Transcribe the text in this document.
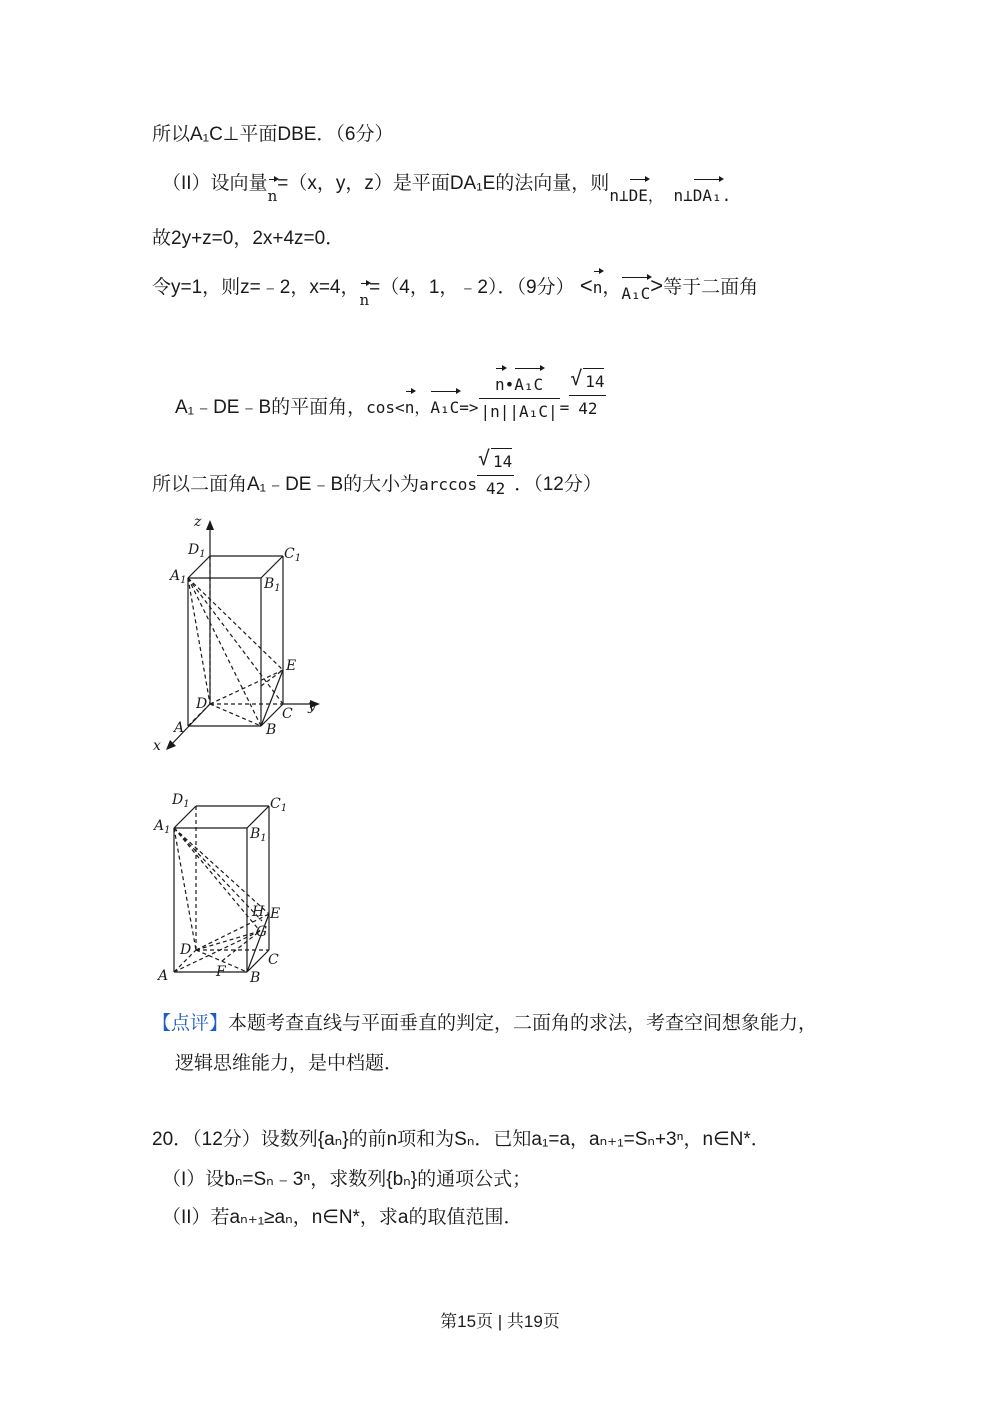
所以A₁C⊥平面DBE．（6分）
（II）设向量n=（x，y，z）是平面DA₁E的法向量，则$_{n\perp DE, n\perp DA_1.}$
故2y+z=0，2x+4z=0．
令y=1，则z=﹣2，x=4，n=（4，1，﹣2）．（9分） <n，A₁C>等于二面角
A₁﹣DE﹣B的平面角，$_{cos<n,A_1C=>} \frac{\text{n•A₁C}}{\text{|n||A₁C|}} _=$ √ $\frac{14}{42}$
所以二面角A₁﹣DE﹣B的大小为$_{arccos}$ √ $\frac{14}{42}$ ．（12分）
z
$D_1$	$C_1$
$A_1$	$B_1$
E
D
C y
A	B
x
$D_1$	$C_1$
$A_1$	$B_1$
H E
G
D
C
A	F B
【点评】本题考查直线与平面垂直的判定，二面角的求法，考查空间想象能力，
逻辑思维能力，是中档题．
20．（12分）设数列{aₙ}的前n项和为Sₙ．已知a₁=a，aₙ₊₁=Sₙ+3ⁿ，n∈N*．
（I）设bₙ=Sₙ﹣3ⁿ，求数列{bₙ}的通项公式；
（II）若aₙ₊₁≥aₙ，n∈N*，求a的取值范围．
第15页 | 共19页
